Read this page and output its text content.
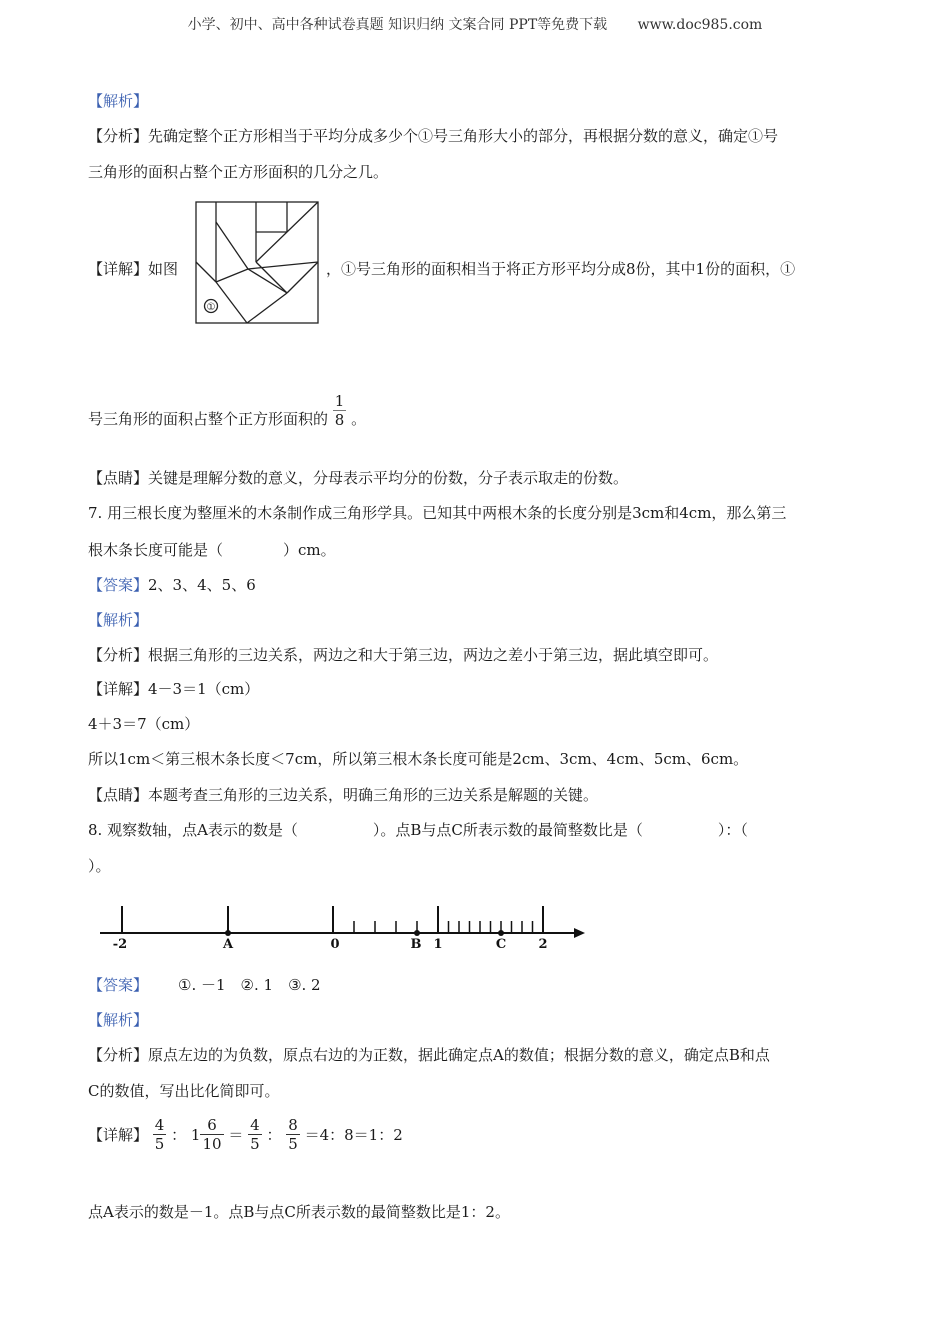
小学、初中、高中各种试卷真题 知识归纳 文案合同 PPT等免费下载 www.doc985.com
【解析】
【分析】先确定整个正方形相当于平均分成多少个①号三角形大小的部分，再根据分数的意义，确定①号
三角形的面积占整个正方形面积的几分之几。
【详解】如图
①
，①号三角形的面积相当于将正方形平均分成8份，其中1份的面积，①
号三角形的面积占整个正方形面积的 $\frac{1}{8}$ 。
【点睛】关键是理解分数的意义，分母表示平均分的份数，分子表示取走的份数。
7. 用三根长度为整厘米的木条制作成三角形学具。已知其中两根木条的长度分别是3cm和4cm，那么第三
根木条长度可能是（　　　　）cm。
【答案】2、3、4、5、6
【解析】
【分析】根据三角形的三边关系，两边之和大于第三边，两边之差小于第三边，据此填空即可。
【详解】4－3＝1（cm）
4＋3＝7（cm）
所以1cm＜第三根木条长度＜7cm，所以第三根木条长度可能是2cm、3cm、4cm、5cm、6cm。
【点睛】本题考查三角形的三边关系，明确三角形的三边关系是解题的关键。
8. 观察数轴，点A表示的数是（　　　　　）。点B与点C所表示数的最简整数比是（　　　　　）：（
）。
-2	A	0	B 1	C 2
【答案】 ①. －1　②. 1　③. 2
【解析】
【分析】原点左边的为负数，原点右边的为正数，据此确定点A的数值；根据分数的意义，确定点B和点
C的数值，写出比化简即可。
【详解】 $\frac{4}{5}$ ： $1 \frac{6}{10} = \frac{4}{5}$ ： $\frac{8}{5} =4$：8＝1：2
点A表示的数是－1。点B与点C所表示数的最简整数比是1：2。
